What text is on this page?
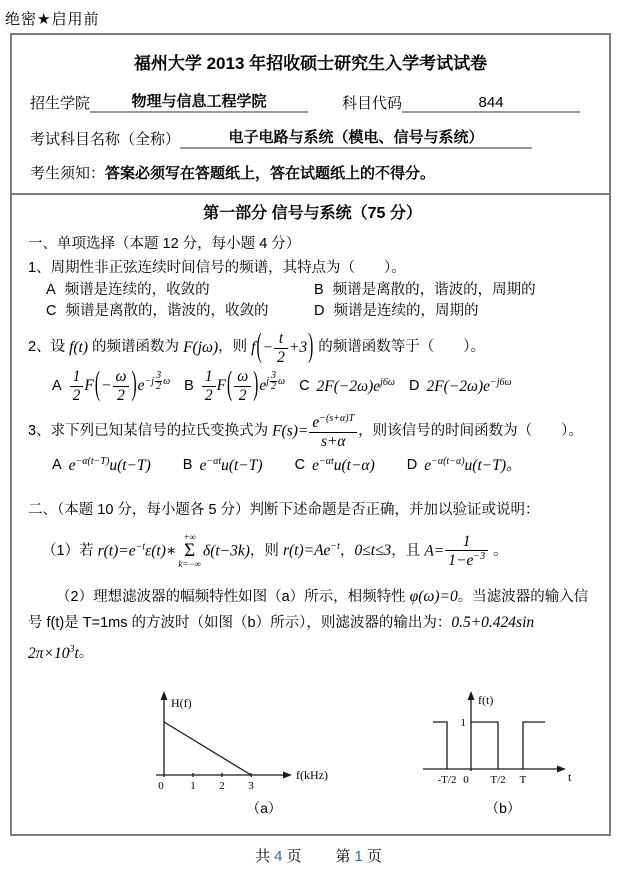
绝密★启用前
福州大学 2013 年招收硕士研究生入学考试试卷
招生学院	物理与信息工程学院	科目代码	844
考试科目名称（全称）	电子电路与系统（模电、信号与系统）
考生须知：答案必须写在答题纸上，答在试题纸上的不得分。
第一部分 信号与系统（75 分）
一、单项选择（本题 12 分，每小题 4 分）
1、周期性非正弦连续时间信号的频谱，其特点为（　　）。
A 频谱是连续的，收敛的	B 频谱是离散的，谐波的，周期的
C 频谱是离散的，谐波的，收敛的	D 频谱是连续的，周期的
2、设 f(t) 的频谱函数为 F(jω) ，则 f(−
t
2
+3) 的频谱函数等于（　　）。
A $\frac{1}{2} F(-$
ω
2 )$e^{-j \frac{3}{2} \omega}$ B $\frac{1}{2} F$( ω
2 )$e^{j \frac{3}{2} \omega}$ C $2F(-2\omega)e^{j6\omega}$ D $2F(-2\omega)e^{-j6\omega}$
3、求下列已知某信号的拉氏变换式为 $F(s)= \frac{e^{-(s+\alpha)T}}{s+\alpha}$ ，则该信号的时间函数为（　　）。
A $e^{-\alpha(t-T)}u(t-T)$ B $e^{-\alpha t}u(t-T)$ C $e^{-\alpha t}u(t-\alpha)$ D $e^{-\alpha(t-\alpha)}u(t-T)$。
二、（本题 10 分，每小题各 5 分）判断下述命题是否正确，并加以验证或说明：
（1）若 $r(t)=e^{-t}\varepsilon(t)∗$
+∞
Σ
k=−∞
δ(t−3k) ，则 $r(t)=Ae^{-t}$ ， 0≤t≤3 ，且 $A= \frac{1}{1-e^{-3}}$ 。
（2）理想滤波器的幅频特性如图（a）所示，相频特性 φ(ω)=0。当滤波器的输入信号 f(t)是 T=1ms 的方波时（如图（b）所示），则滤波器的输出为：0.5+0.424sin $2\pi\times 10^3t$。
H(f)
f(kHz)
0 1 2 3
（a）
f(t)
t
1
-T/2 0 T/2 T
（b）
共 4 页 第 1 页
